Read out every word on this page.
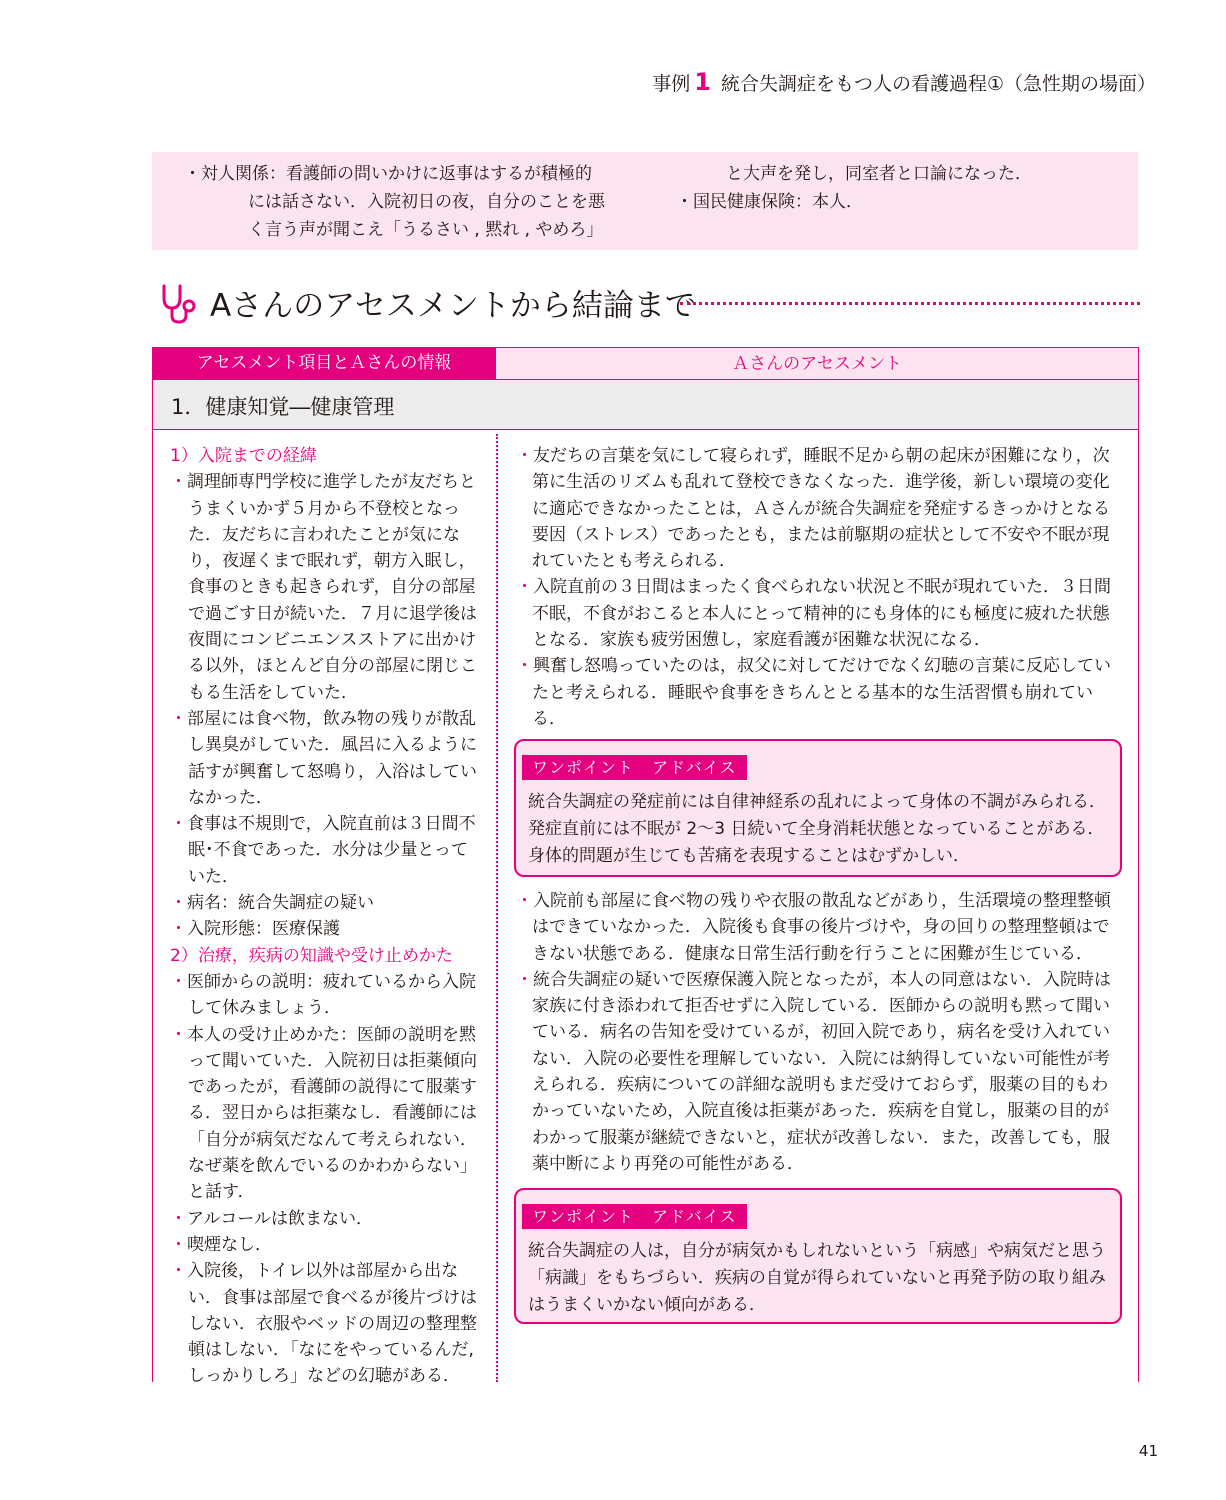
事例 1 統合失調症をもつ人の看護過程①（急性期の場面）
・対人関係：看護師の問いかけに返事はするが積極的
には話さない．入院初日の夜，自分のことを悪
く言う声が聞こえ「うるさい , 黙れ , やめろ」
と大声を発し，同室者と口論になった．
・国民健康保険：本人．
Aさんのアセスメントから結論まで
アセスメント項目とＡさんの情報	Ａさんのアセスメント
1．健康知覚―健康管理
1）入院までの経緯
・調理師専門学校に進学したが友だちとうまくいかず５月から不登校となった．友だちに言われたことが気になり，夜遅くまで眠れず，朝方入眠し，食事のときも起きられず，自分の部屋で過ごす日が続いた．７月に退学後は夜間にコンビニエンスストアに出かける以外，ほとんど自分の部屋に閉じこもる生活をしていた．
・部屋には食べ物，飲み物の残りが散乱し異臭がしていた．風呂に入るように話すが興奮して怒鳴り，入浴はしていなかった．
・食事は不規則で，入院直前は３日間不眠･不食であった．水分は少量とっていた．
・病名：統合失調症の疑い
・入院形態：医療保護
2）治療，疾病の知識や受け止めかた
・医師からの説明：疲れているから入院して休みましょう．
・本人の受け止めかた：医師の説明を黙って聞いていた．入院初日は拒薬傾向であったが，看護師の説得にて服薬する．翌日からは拒薬なし．看護師には「自分が病気だなんて考えられない．なぜ薬を飲んでいるのかわからない」と話す．
・アルコールは飲まない．
・喫煙なし．
・入院後，トイレ以外は部屋から出ない．食事は部屋で食べるが後片づけはしない．衣服やベッドの周辺の整理整頓はしない．「なにをやっているんだ, しっかりしろ」などの幻聴がある．
・友だちの言葉を気にして寝られず，睡眠不足から朝の起床が困難になり，次第に生活のリズムも乱れて登校できなくなった．進学後，新しい環境の変化に適応できなかったことは，Ａさんが統合失調症を発症するきっかけとなる要因（ストレス）であったとも，または前駆期の症状として不安や不眠が現れていたとも考えられる．
・入院直前の３日間はまったく食べられない状況と不眠が現れていた．３日間不眠，不食がおこると本人にとって精神的にも身体的にも極度に疲れた状態となる．家族も疲労困憊し，家庭看護が困難な状況になる．
・興奮し怒鳴っていたのは，叔父に対してだけでなく幻聴の言葉に反応していたと考えられる．睡眠や食事をきちんととる基本的な生活習慣も崩れている．
ワンポイント アドバイス
統合失調症の発症前には自律神経系の乱れによって身体の不調がみられる．発症直前には不眠が 2〜3 日続いて全身消耗状態となっていることがある．身体的問題が生じても苦痛を表現することはむずかしい．
・入院前も部屋に食べ物の残りや衣服の散乱などがあり，生活環境の整理整頓はできていなかった．入院後も食事の後片づけや，身の回りの整理整頓はできない状態である．健康な日常生活行動を行うことに困難が生じている．
・統合失調症の疑いで医療保護入院となったが，本人の同意はない．入院時は家族に付き添われて拒否せずに入院している．医師からの説明も黙って聞いている．病名の告知を受けているが，初回入院であり，病名を受け入れていない．入院の必要性を理解していない．入院には納得していない可能性が考えられる．疾病についての詳細な説明もまだ受けておらず，服薬の目的もわかっていないため，入院直後は拒薬があった．疾病を自覚し，服薬の目的がわかって服薬が継続できないと，症状が改善しない．また，改善しても，服薬中断により再発の可能性がある．
ワンポイント アドバイス
統合失調症の人は，自分が病気かもしれないという「病感」や病気だと思う「病識」をもちづらい．疾病の自覚が得られていないと再発予防の取り組みはうまくいかない傾向がある．
41
